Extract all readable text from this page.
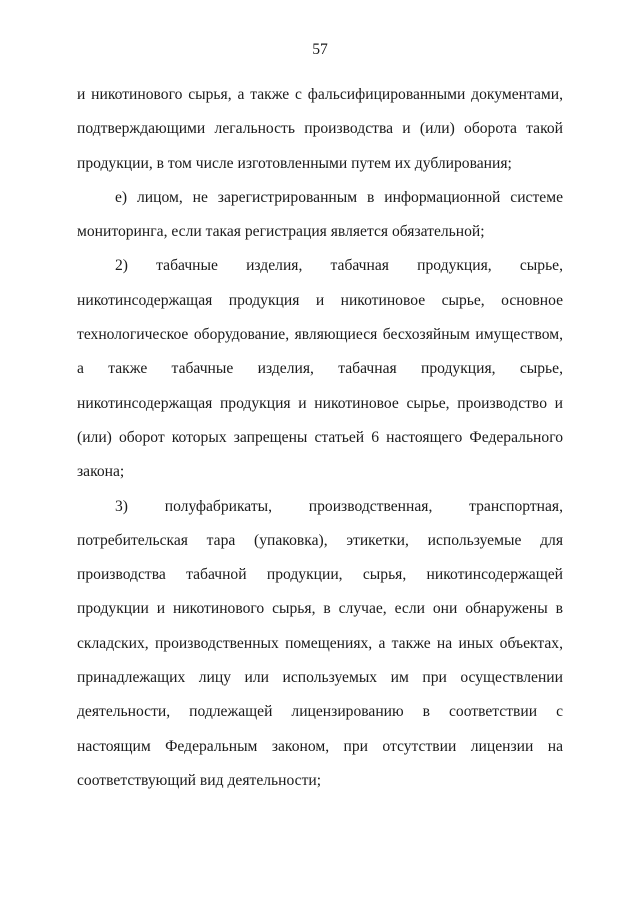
57

и никотинового сырья, а также с фальсифицированными документами, подтверждающими легальность производства и (или) оборота такой продукции, в том числе изготовленными путем их дублирования;

е) лицом, не зарегистрированным в информационной системе мониторинга, если такая регистрация является обязательной;

2) табачные изделия, табачная продукция, сырье, никотинсодержащая продукция и никотиновое сырье, основное технологическое оборудование, являющиеся бесхозяйным имуществом, а также табачные изделия, табачная продукция, сырье, никотинсодержащая продукция и никотиновое сырье, производство и (или) оборот которых запрещены статьей 6 настоящего Федерального закона;

3) полуфабрикаты, производственная, транспортная, потребительская тара (упаковка), этикетки, используемые для производства табачной продукции, сырья, никотинсодержащей продукции и никотинового сырья, в случае, если они обнаружены в складских, производственных помещениях, а также на иных объектах, принадлежащих лицу или используемых им при осуществлении деятельности, подлежащей лицензированию в соответствии с настоящим Федеральным законом, при отсутствии лицензии на соответствующий вид деятельности;
